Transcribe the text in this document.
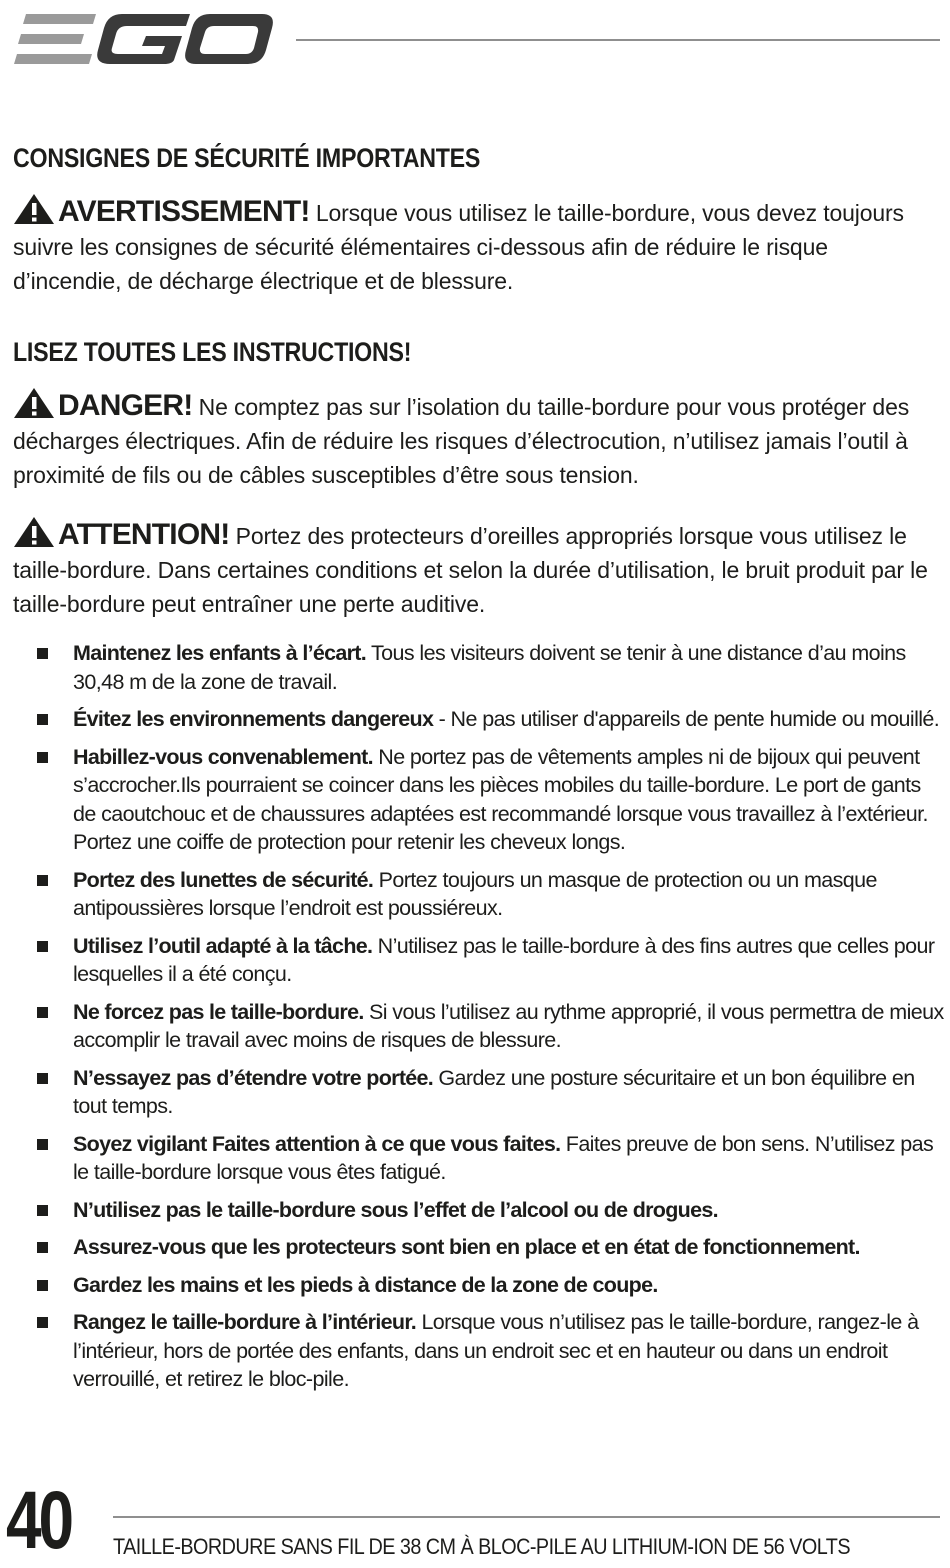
CONSIGNES DE SÉCURITÉ IMPORTANTES

AVERTISSEMENT! Lorsque vous utilisez le taille-bordure, vous devez toujours suivre les consignes de sécurité élémentaires ci-dessous afin de réduire le risque d’incendie, de décharge électrique et de blessure.

LISEZ TOUTES LES INSTRUCTIONS!

DANGER! Ne comptez pas sur l’isolation du taille-bordure pour vous protéger des décharges électriques. Afin de réduire les risques d’électrocution, n’utilisez jamais l’outil à proximité de fils ou de câbles susceptibles d’être sous tension.

ATTENTION! Portez des protecteurs d’oreilles appropriés lorsque vous utilisez le taille-bordure. Dans certaines conditions et selon la durée d’utilisation, le bruit produit par le taille-bordure peut entraîner une perte auditive.

Maintenez les enfants à l’écart. Tous les visiteurs doivent se tenir à une distance d’au moins 30,48 m de la zone de travail.
Évitez les environnements dangereux - Ne pas utiliser d'appareils de pente humide ou mouillé.
Habillez-vous convenablement. Ne portez pas de vêtements amples ni de bijoux qui peuvent s’accrocher.Ils pourraient se coincer dans les pièces mobiles du taille-bordure. Le port de gants de caoutchouc et de chaussures adaptées est recommandé lorsque vous travaillez à l’extérieur. Portez une coiffe de protection pour retenir les cheveux longs.
Portez des lunettes de sécurité. Portez toujours un masque de protection ou un masque antipoussières lorsque l’endroit est poussiéreux.
Utilisez l’outil adapté à la tâche. N’utilisez pas le taille-bordure à des fins autres que celles pour lesquelles il a été conçu.
Ne forcez pas le taille-bordure. Si vous l’utilisez au rythme approprié, il vous permettra de mieux accomplir le travail avec moins de risques de blessure.
N’essayez pas d’étendre votre portée. Gardez une posture sécuritaire et un bon équilibre en tout temps.
Soyez vigilant Faites attention à ce que vous faites. Faites preuve de bon sens. N’utilisez pas le taille-bordure lorsque vous êtes fatigué.
N’utilisez pas le taille-bordure sous l’effet de l’alcool ou de drogues.
Assurez-vous que les protecteurs sont bien en place et en état de fonctionnement.
Gardez les mains et les pieds à distance de la zone de coupe.
Rangez le taille-bordure à l’intérieur. Lorsque vous n’utilisez pas le taille-bordure, rangez-le à l’intérieur, hors de portée des enfants, dans un endroit sec et en hauteur ou dans un endroit verrouillé, et retirez le bloc-pile.
40 TAILLE-BORDURE SANS FIL DE 38 CM À BLOC-PILE AU LITHIUM-ION DE 56 VOLTS
